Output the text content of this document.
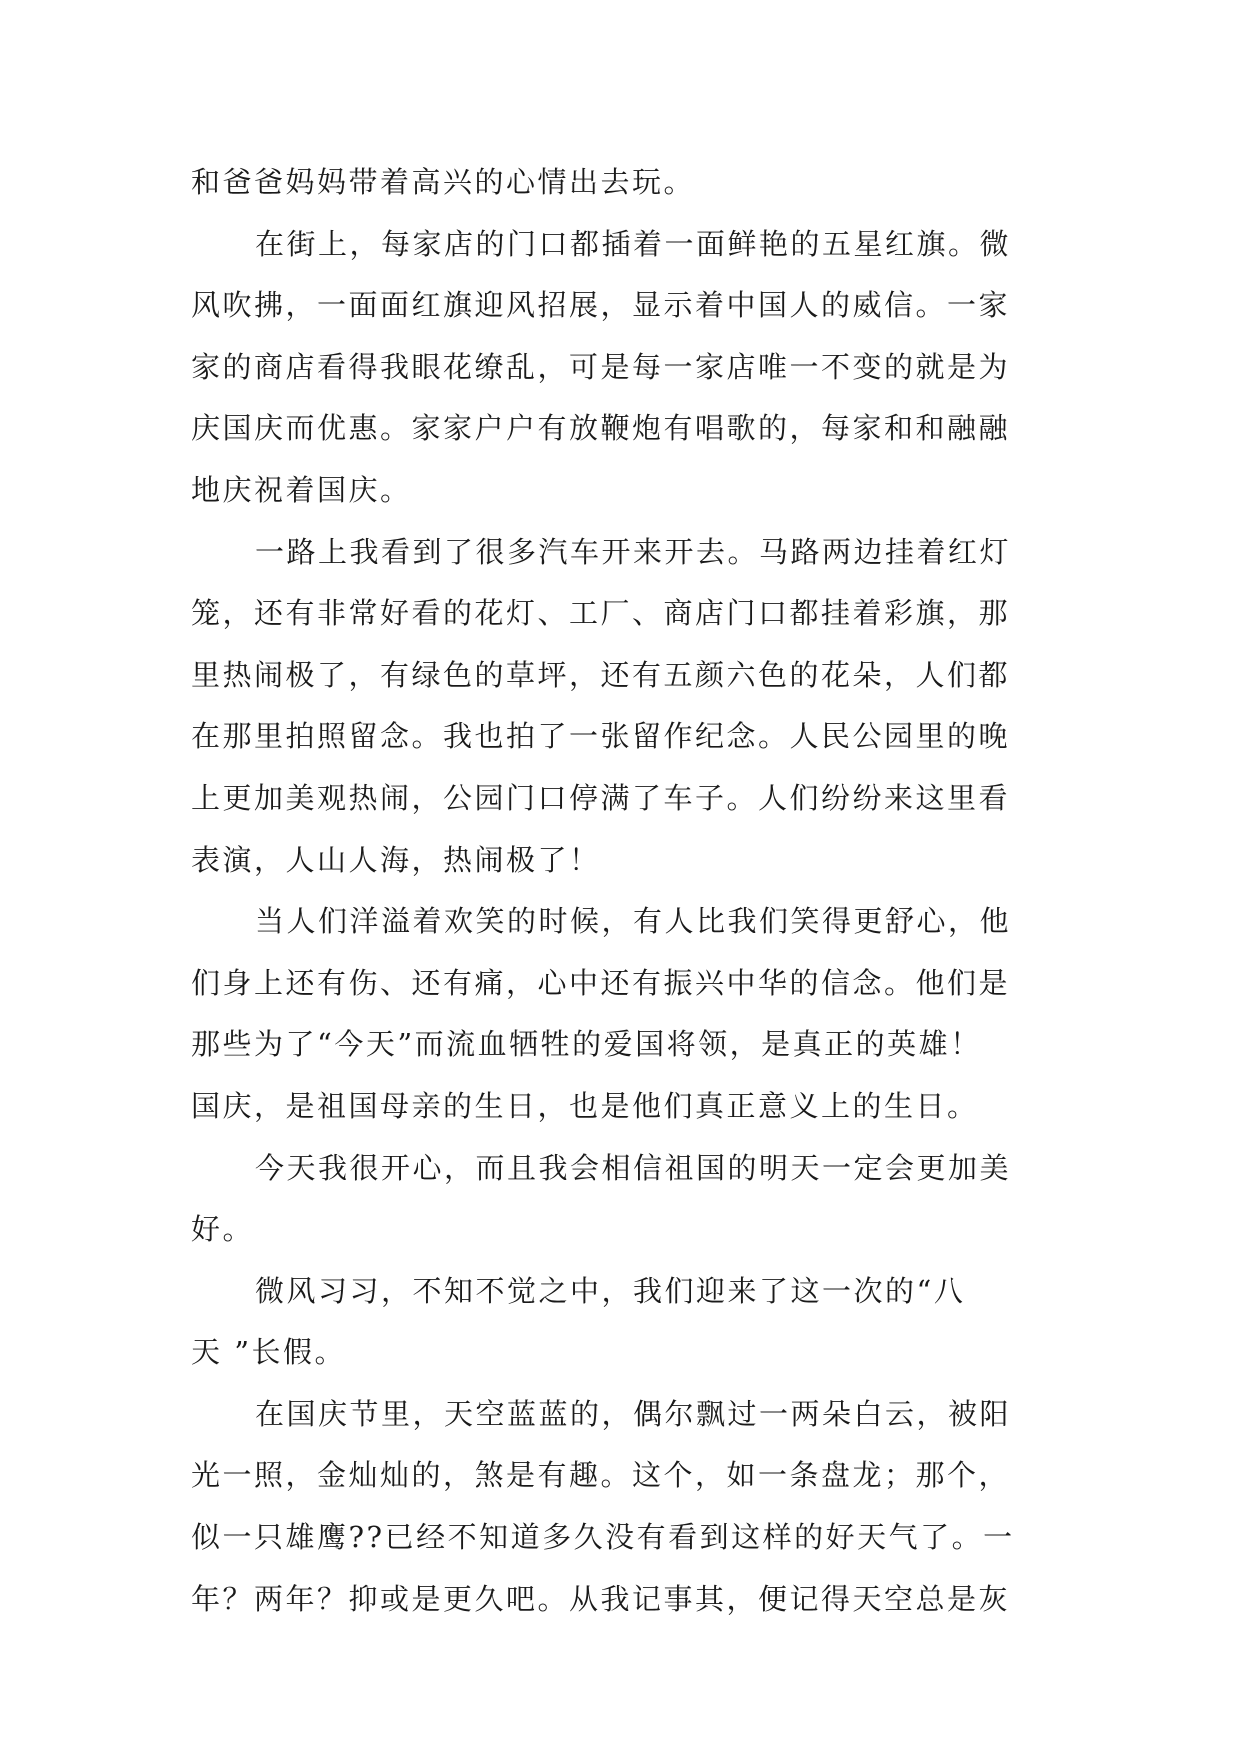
和爸爸妈妈带着高兴的心情出去玩。
在街上，每家店的门口都插着一面鲜艳的五星红旗。微
风吹拂，一面面红旗迎风招展，显示着中国人的威信。一家
家的商店看得我眼花缭乱，可是每一家店唯一不变的就是为
庆国庆而优惠。家家户户有放鞭炮有唱歌的，每家和和融融
地庆祝着国庆。
一路上我看到了很多汽车开来开去。马路两边挂着红灯
笼，还有非常好看的花灯、工厂、商店门口都挂着彩旗，那
里热闹极了，有绿色的草坪，还有五颜六色的花朵，人们都
在那里拍照留念。我也拍了一张留作纪念。人民公园里的晚
上更加美观热闹，公园门口停满了车子。人们纷纷来这里看
表演，人山人海，热闹极了！
当人们洋溢着欢笑的时候，有人比我们笑得更舒心，他
们身上还有伤、还有痛，心中还有振兴中华的信念。他们是
那些为了“今天”而流血牺牲的爱国将领，是真正的英雄！
国庆，是祖国母亲的生日，也是他们真正意义上的生日。
今天我很开心，而且我会相信祖国的明天一定会更加美
好。
微风习习，不知不觉之中，我们迎来了这一次的“八
天 ”长假。
在国庆节里，天空蓝蓝的，偶尔飘过一两朵白云，被阳
光一照，金灿灿的，煞是有趣。这个，如一条盘龙；那个，
似一只雄鹰??已经不知道多久没有看到这样的好天气了。一
年？两年？抑或是更久吧。从我记事其，便记得天空总是灰
